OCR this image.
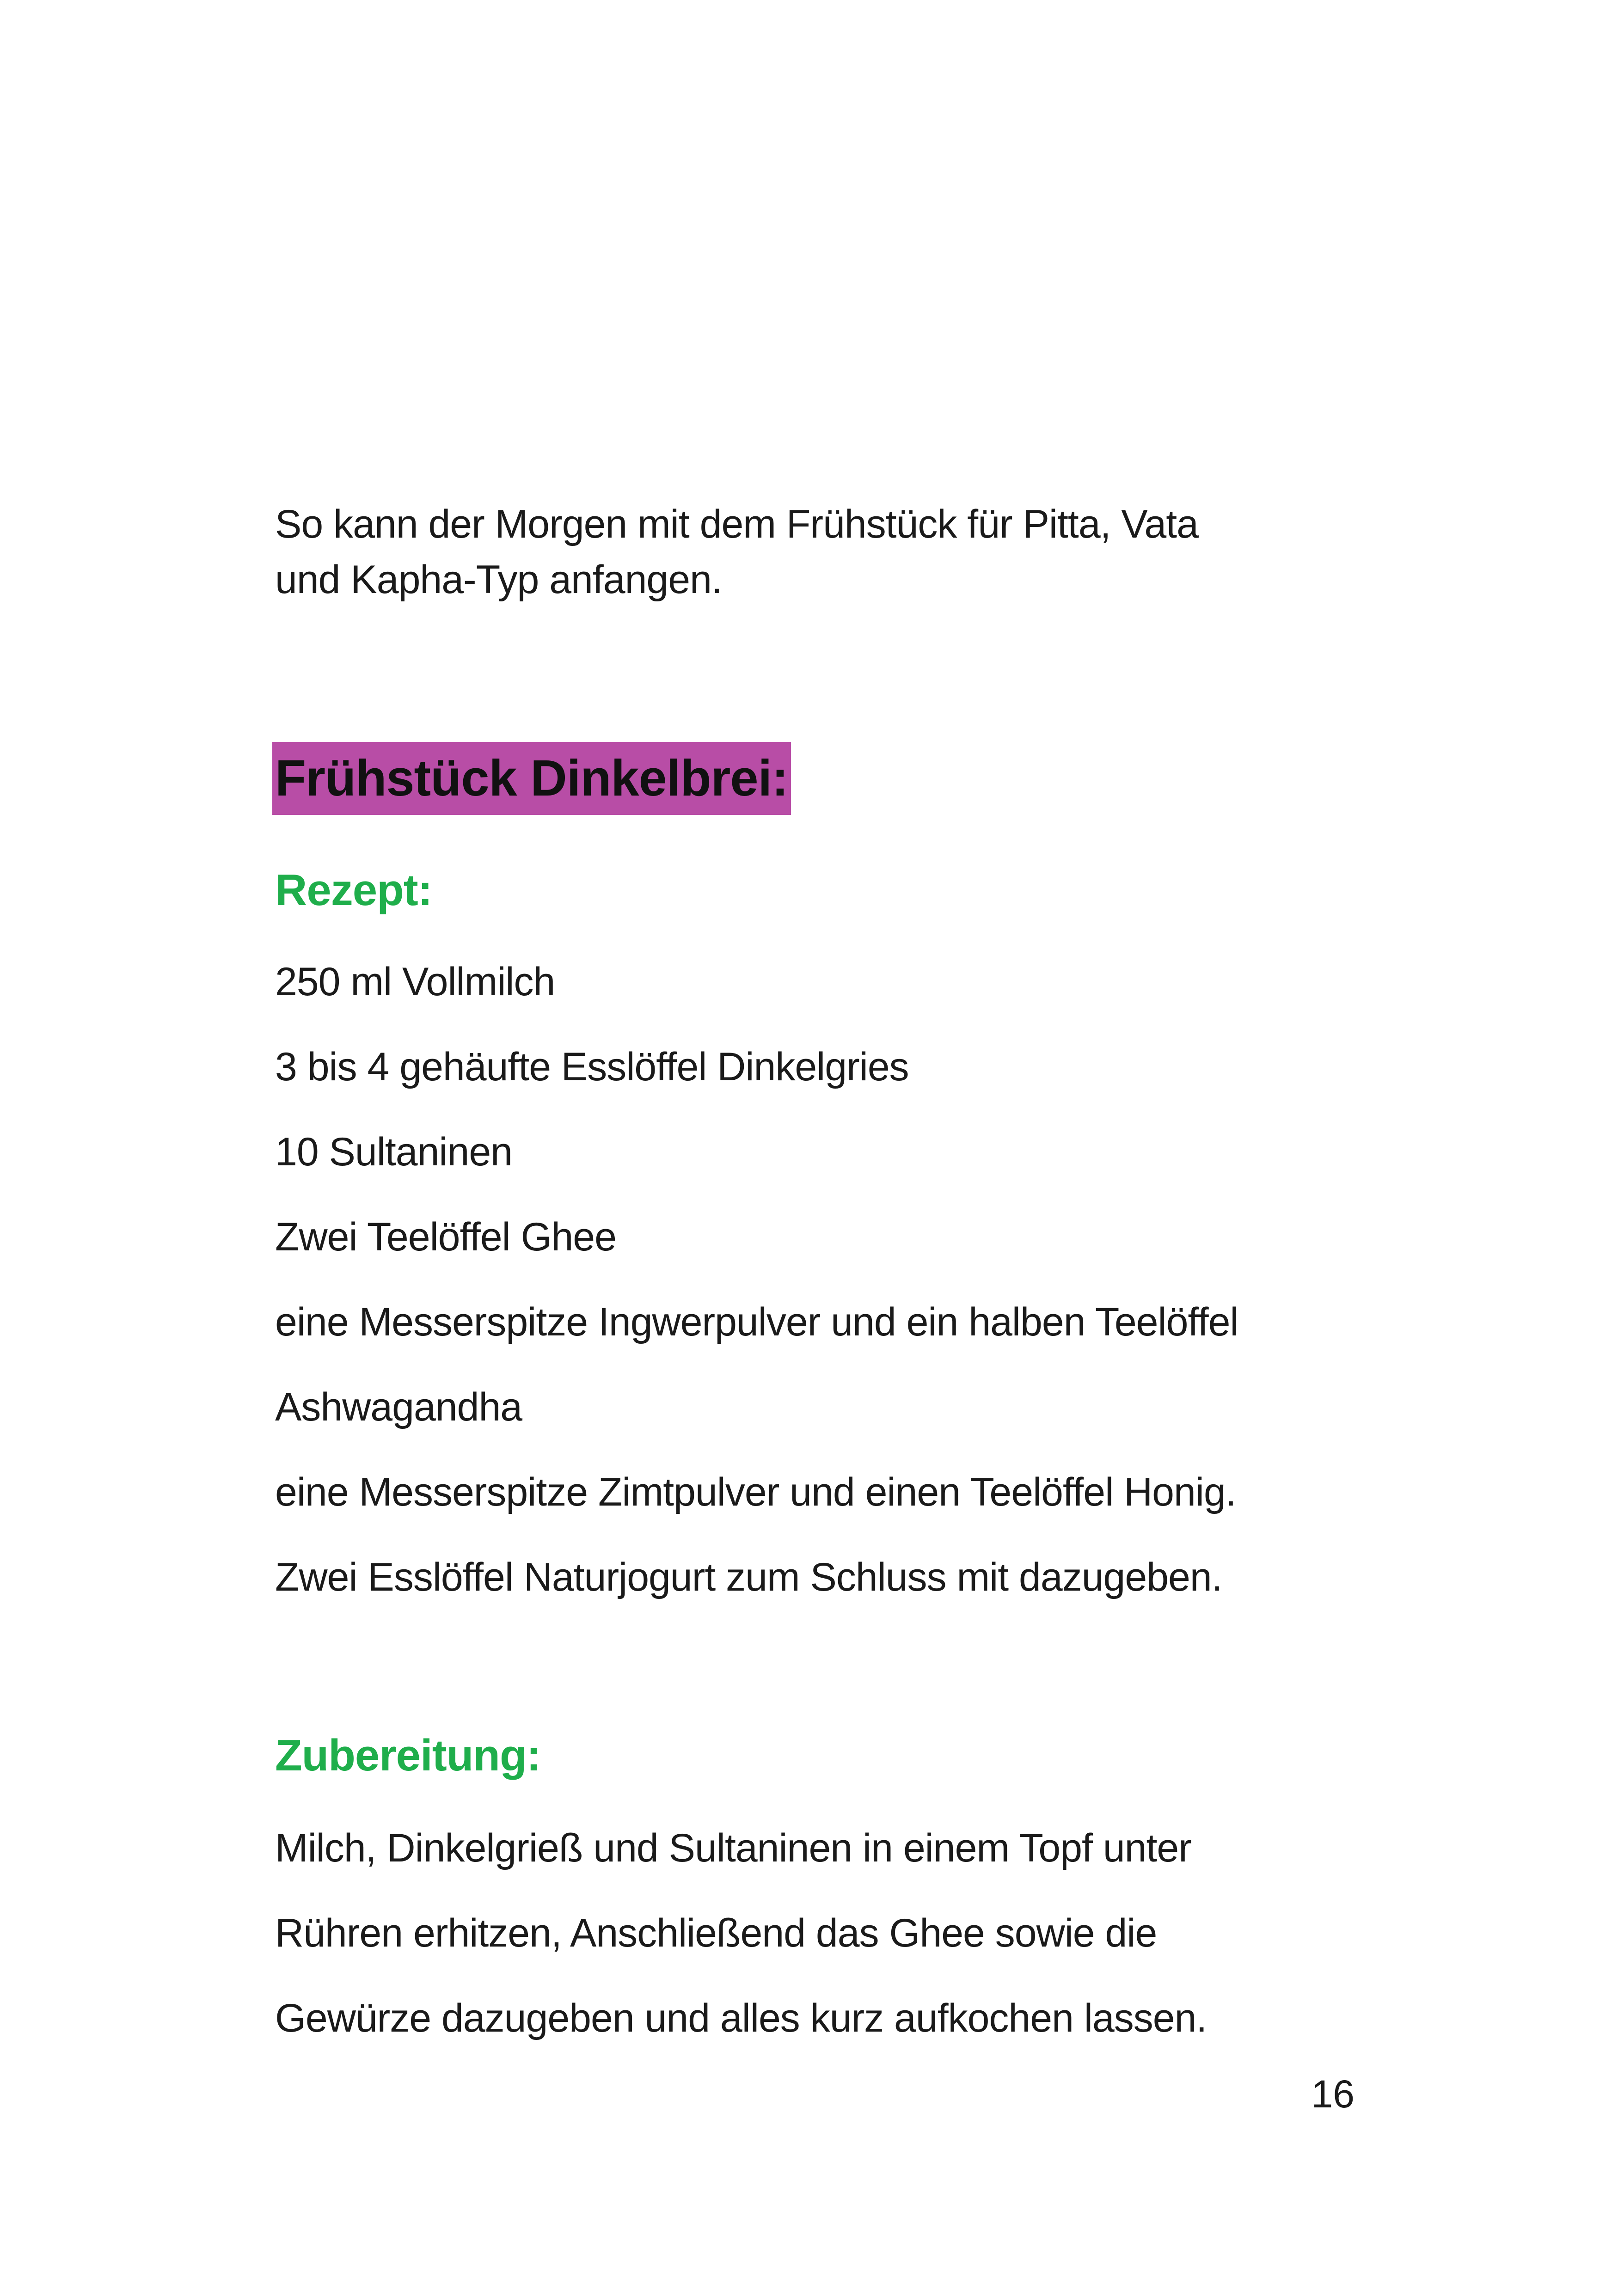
So kann der Morgen mit dem Frühstück für Pitta, Vata
und Kapha-Typ anfangen.

Frühstück Dinkelbrei:
Rezept:
250 ml Vollmilch
3 bis 4 gehäufte Esslöffel Dinkelgries
10 Sultaninen
Zwei Teelöffel Ghee
eine Messerspitze Ingwerpulver und ein halben Teelöffel
Ashwagandha
eine Messerspitze Zimtpulver und einen Teelöffel Honig.
Zwei Esslöffel Naturjogurt zum Schluss mit dazugeben.
Zubereitung:

Milch, Dinkelgrieß und Sultaninen in einem Topf unter
Rühren erhitzen, Anschließend das Ghee sowie die
Gewürze dazugeben und alles kurz aufkochen lassen.

16
